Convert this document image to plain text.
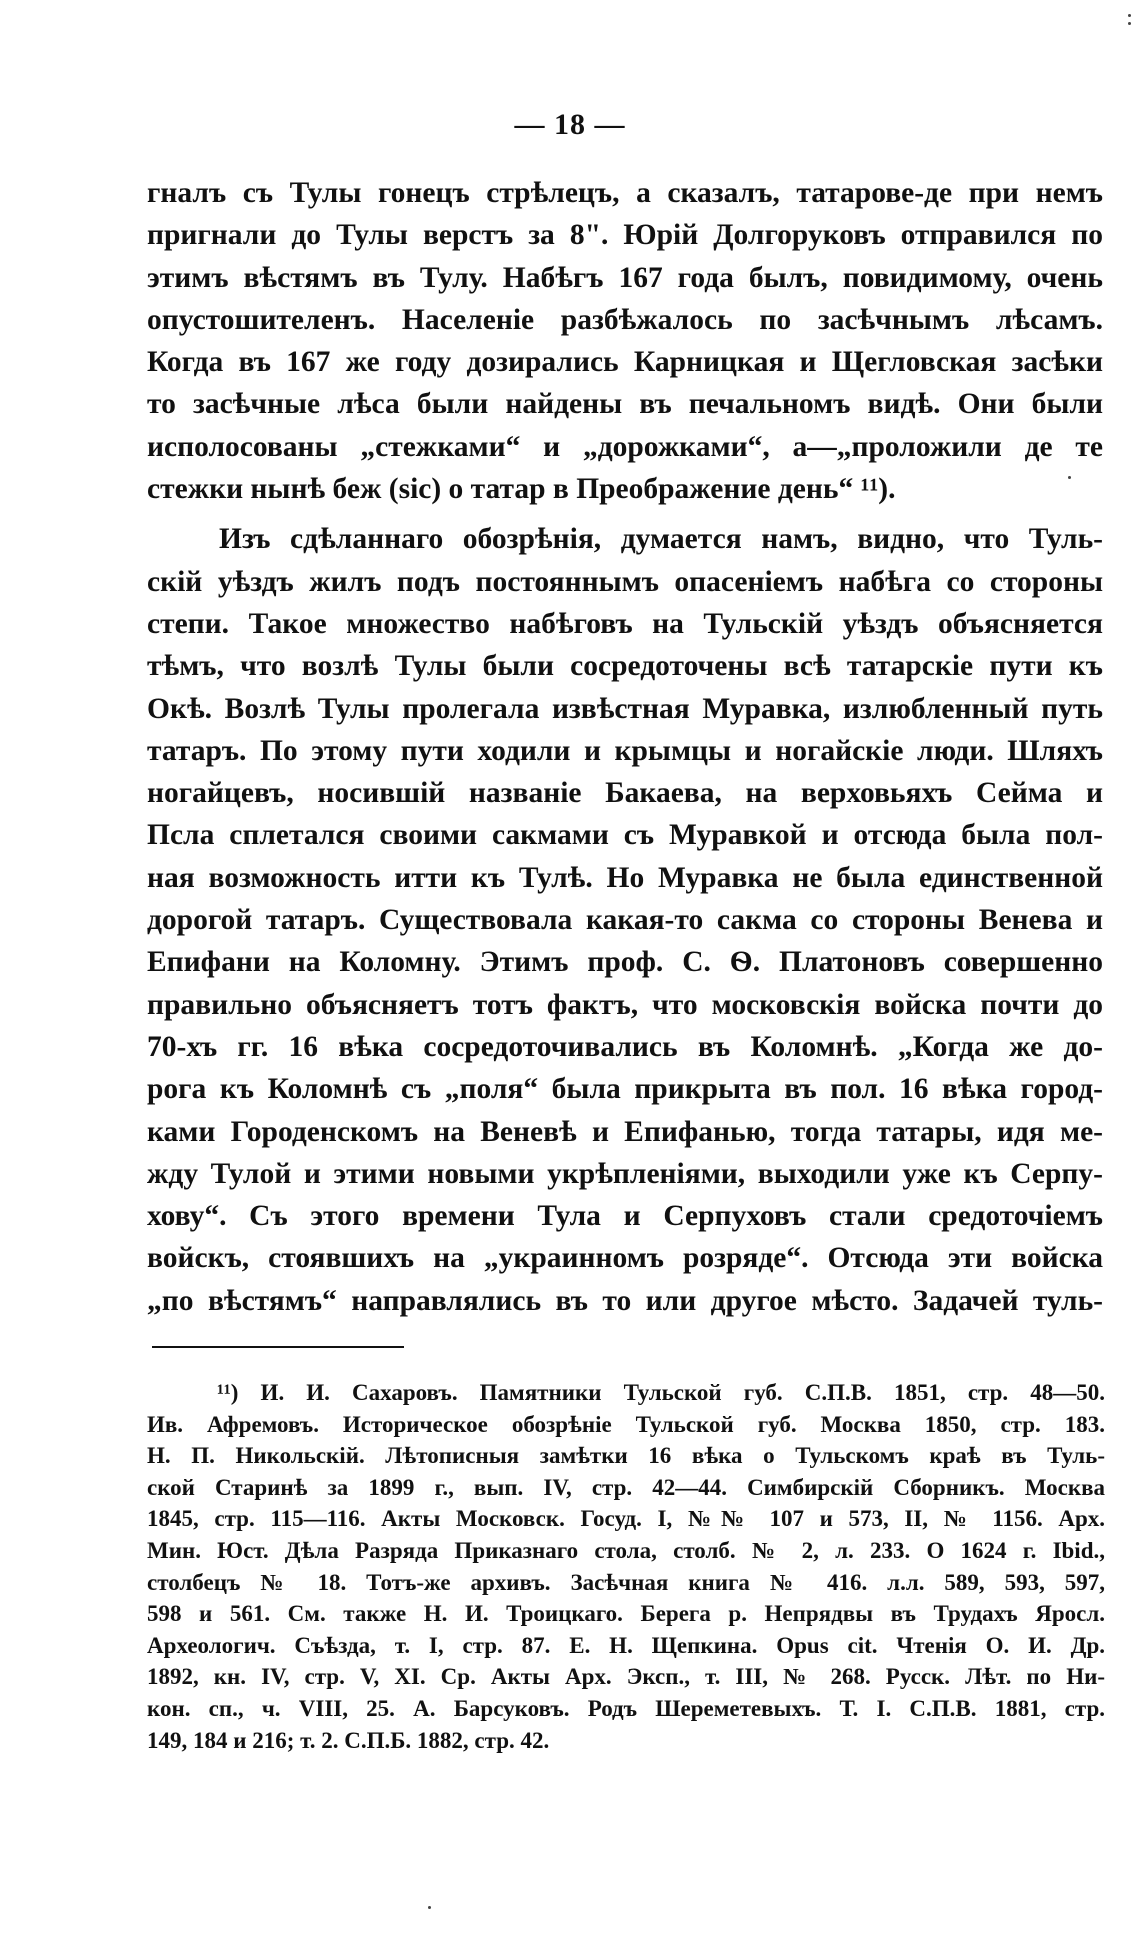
— 18 —
гналъ съ Тулы гонецъ стрѣлецъ, а сказалъ, татарове-де при немъ
пригнали до Тулы верстъ за 8". Юрій Долгоруковъ отправился по
этимъ вѣстямъ въ Тулу. Набѣгъ 167 года былъ, повидимому, очень
опустошителенъ. Населеніе разбѣжалось по засѣчнымъ лѣсамъ.
Когда въ 167 же году дозирались Карницкая и Щегловская засѣки
то засѣчные лѣса были найдены въ печальномъ видѣ. Они были
исполосованы „стежками“ и „дорожками“, а—„проложили де те
стежки нынѣ беж (sic) о татар в Преображение день“ ¹¹).
Изъ сдѣланнаго обозрѣнія, думается намъ, видно, что Туль-
скій уѣздъ жилъ подъ постояннымъ опасеніемъ набѣга со стороны
степи. Такое множество набѣговъ на Тульскій уѣздъ объясняется
тѣмъ, что возлѣ Тулы были сосредоточены всѣ татарскіе пути къ
Окѣ. Возлѣ Тулы пролегала извѣстная Муравка, излюбленный путь
татаръ. По этому пути ходили и крымцы и ногайскіе люди. Шляхъ
ногайцевъ, носившій названіе Бакаева, на верховьяхъ Сейма и
Псла сплетался своими сакмами съ Муравкой и отсюда была пол-
ная возможность итти къ Тулѣ. Но Муравка не была единственной
дорогой татаръ. Существовала какая-то сакма со стороны Венева и
Епифани на Коломну. Этимъ проф. С. Ѳ. Платоновъ совершенно
правильно объясняетъ тотъ фактъ, что московскія войска почти до
70-хъ гг. 16 вѣка сосредоточивались въ Коломнѣ. „Когда же до-
рога къ Коломнѣ съ „поля“ была прикрыта въ пол. 16 вѣка город-
ками Городенскомъ на Веневѣ и Епифанью, тогда татары, идя ме-
жду Тулой и этими новыми укрѣпленіями, выходили уже къ Серпу-
хову“. Съ этого времени Тула и Серпуховъ стали средоточіемъ
войскъ, стоявшихъ на „украинномъ розряде“. Отсюда эти войска
„по вѣстямъ“ направлялись въ то или другое мѣсто. Задачей туль-
¹¹) И. И. Сахаровъ. Памятники Тульской губ. С.П.В. 1851, стр. 48—50.
Ив. Афремовъ. Историческое обозрѣніе Тульской губ. Москва 1850, стр. 183.
Н. П. Никольскій. Лѣтописныя замѣтки 16 вѣка о Тульскомъ краѣ въ Туль-
ской Старинѣ за 1899 г., вып. IV, стр. 42—44. Симбирскій Сборникъ. Москва
1845, стр. 115—116. Акты Московск. Госуд. I, №№ 107 и 573, II, № 1156. Арх.
Мин. Юст. Дѣла Разряда Приказнаго стола, столб. № 2, л. 233. О 1624 г. Ibid.,
столбецъ № 18. Тотъ-же архивъ. Засѣчная книга № 416. л.л. 589, 593, 597,
598 и 561. См. также Н. И. Троицкаго. Берега р. Непрядвы въ Трудахъ Яросл.
Археологич. Съѣзда, т. I, стр. 87. Е. Н. Щепкина. Opus cit. Чтенія О. И. Др.
1892, кн. IV, стр. V, XI. Ср. Акты Арх. Эксп., т. III, № 268. Русск. Лѣт. по Ни-
кон. сп., ч. VIII, 25. А. Барсуковъ. Родъ Шереметевыхъ. Т. I. С.П.В. 1881, стр.
149, 184 и 216; т. 2. С.П.Б. 1882, стр. 42.
